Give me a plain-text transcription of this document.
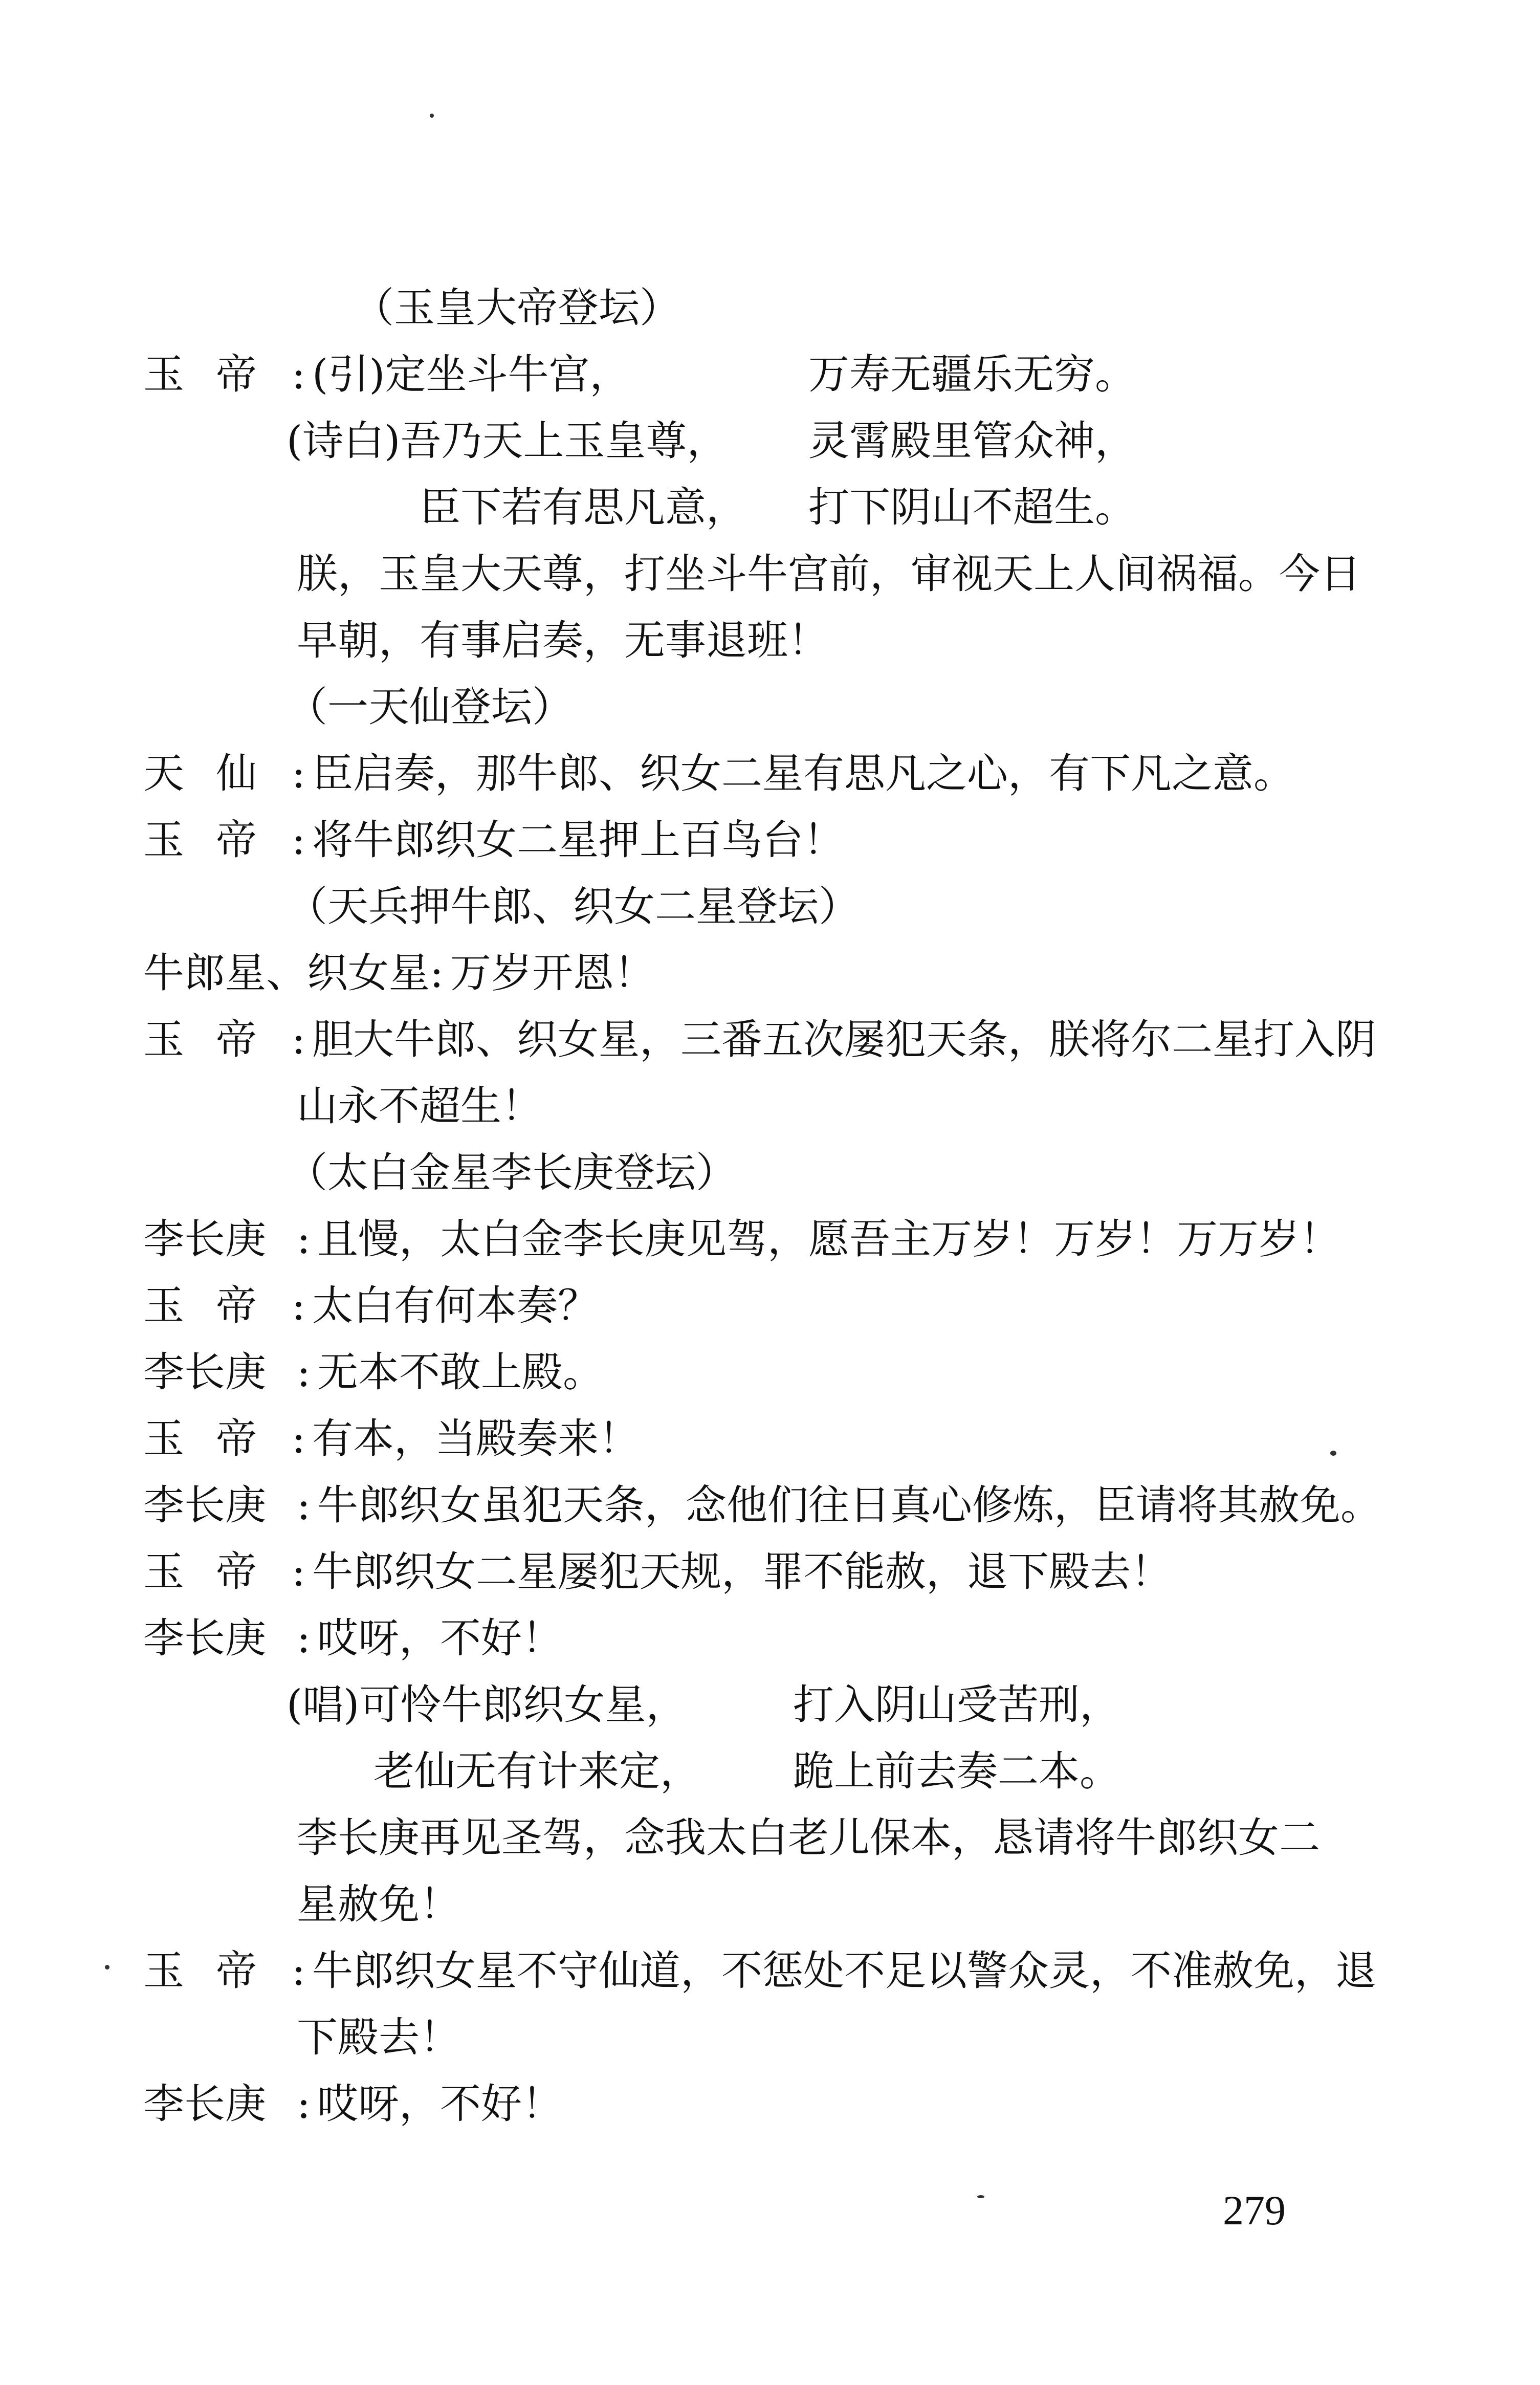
（玉皇大帝登坛）
玉帝: (引)定坐斗牛宫，	万寿无疆乐无穷。
(诗白)吾乃天上玉皇尊， 灵霄殿里管众神，
臣下若有思凡意， 打下阴山不超生。
朕，玉皇大天尊，打坐斗牛宫前，审视天上人间祸福。今日
早朝，有事启奏，无事退班！
（一天仙登坛）
天仙: 臣启奏，那牛郎、织女二星有思凡之心，有下凡之意。
玉帝: 将牛郎织女二星押上百鸟台！
（天兵押牛郎、织女二星登坛）
牛郎星、织女星: 万岁开恩！
玉帝: 胆大牛郎、织女星，三番五次屡犯天条，朕将尔二星打入阴
山永不超生！
（太白金星李长庚登坛）
李长庚 : 且慢，太白金李长庚见驾，愿吾主万岁！万岁！万万岁！
玉帝: 太白有何本奏？
李长庚 : 无本不敢上殿。
玉帝: 有本，当殿奏来！
李长庚 : 牛郎织女虽犯天条，念他们往日真心修炼，臣请将其赦免。
玉帝: 牛郎织女二星屡犯天规，罪不能赦，退下殿去！
李长庚 : 哎呀，不好！
(唱)可怜牛郎织女星，	打入阴山受苦刑，
老仙无有计来定， 跪上前去奏二本。
李长庚再见圣驾，念我太白老儿保本，恳请将牛郎织女二
星赦免！
玉帝: 牛郎织女星不守仙道，不惩处不足以警众灵，不准赦免，退
下殿去！
李长庚 : 哎呀，不好！
279
